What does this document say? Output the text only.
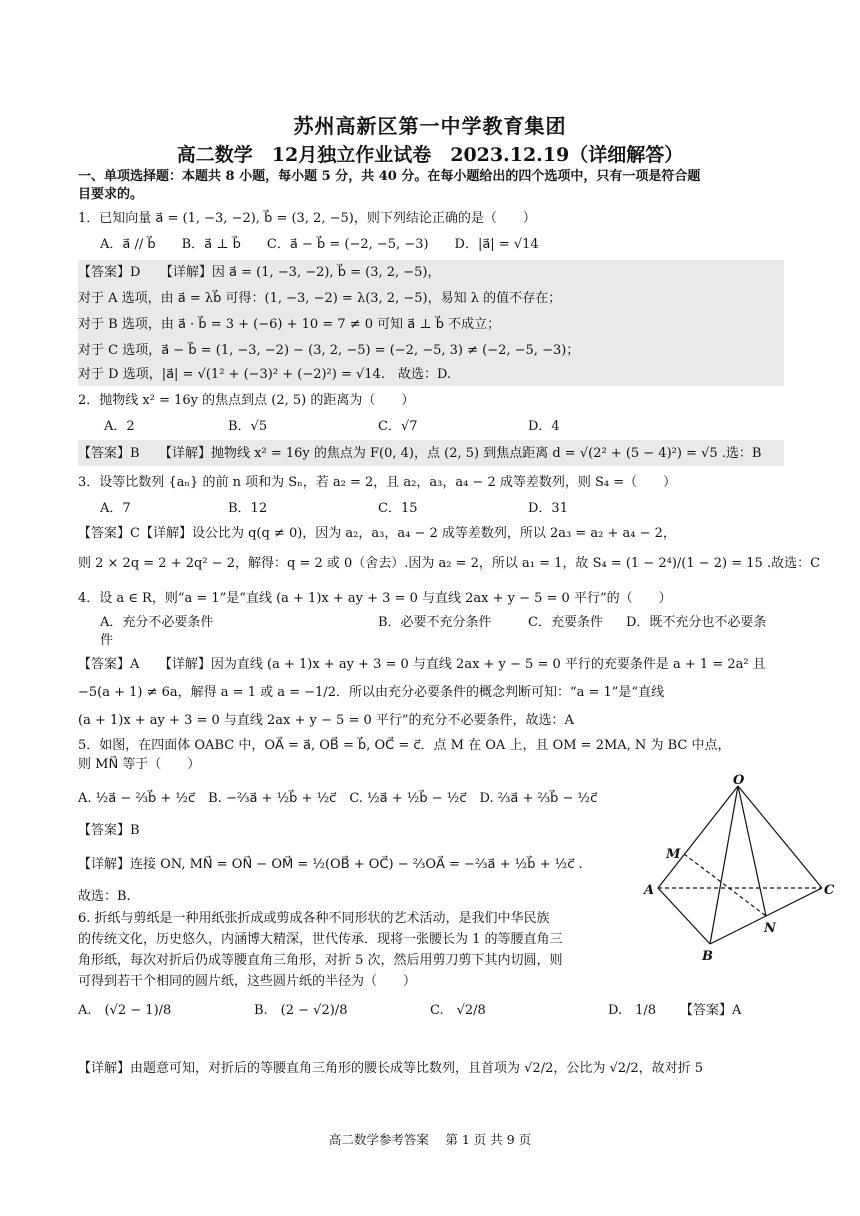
苏州高新区第一中学教育集团
高二数学　12月独立作业试卷　2023.12.19（详细解答）
一、单项选择题：本题共 8 小题，每小题 5 分，共 40 分。在每小题给出的四个选项中，只有一项是符合题
目要求的。
1．已知向量 a⃗ = (1, −3, −2), b⃗ = (3, 2, −5)，则下列结论正确的是（　　）
A．a⃗ // b⃗　　B．a⃗ ⊥ b⃗　　C．a⃗ − b⃗ = (−2, −5, −3)　　D．|a⃗| = √14
【答案】D　　【详解】因 a⃗ = (1, −3, −2), b⃗ = (3, 2, −5)，
对于 A 选项，由 a⃗ = λb⃗ 可得：(1, −3, −2) = λ(3, 2, −5)，易知 λ 的值不存在；
对于 B 选项，由 a⃗ · b⃗ = 3 + (−6) + 10 = 7 ≠ 0 可知 a⃗ ⊥ b⃗ 不成立；
对于 C 选项，a⃗ − b⃗ = (1, −3, −2) − (3, 2, −5) = (−2, −5, 3) ≠ (−2, −5, −3)；
对于 D 选项，|a⃗| = √(1² + (−3)² + (−2)²) = √14.　故选：D.
2．抛物线 x² = 16y 的焦点到点 (2, 5) 的距离为（　　）
A．2	B．√5	C．√7	D．4
【答案】B　　【详解】抛物线 x² = 16y 的焦点为 F(0, 4)，点 (2, 5) 到焦点距离 d = √(2² + (5 − 4)²) = √5 .选：B
3．设等比数列 {aₙ} 的前 n 项和为 Sₙ，若 a₂ = 2，且 a₂，a₃，a₄ − 2 成等差数列，则 S₄ =（　　）
A．7	B．12	C．15	D．31
【答案】C【详解】设公比为 q(q ≠ 0)，因为 a₂，a₃，a₄ − 2 成等差数列，所以 2a₃ = a₂ + a₄ − 2，
则 2 × 2q = 2 + 2q² − 2，解得：q = 2 或 0（舍去）.因为 a₂ = 2，所以 a₁ = 1，故 S₄ = (1 − 2⁴)/(1 − 2) = 15 .故选：C
4．设 a ∈ R，则“a = 1”是“直线 (a + 1)x + ay + 3 = 0 与直线 2ax + y − 5 = 0 平行”的（　　）
A．充分不必要条件	B．必要不充分条件	C．充要条件 D．既不充分也不必要条
件
【答案】A　　【详解】因为直线 (a + 1)x + ay + 3 = 0 与直线 2ax + y − 5 = 0 平行的充要条件是 a + 1 = 2a² 且
−5(a + 1) ≠ 6a，解得 a = 1 或 a = −1/2．所以由充分必要条件的概念判断可知：“a = 1”是“直线
(a + 1)x + ay + 3 = 0 与直线 2ax + y − 5 = 0 平行”的充分不必要条件，故选：A
5．如图，在四面体 OABC 中，OA⃗ = a⃗, OB⃗ = b⃗, OC⃗ = c⃗．点 M 在 OA 上，且 OM = 2MA, N 为 BC 中点，
则 MN⃗ 等于（　　）
A. ½a⃗ − ⅔b⃗ + ½c⃗　B. −⅔a⃗ + ½b⃗ + ½c⃗　C. ½a⃗ + ½b⃗ − ½c⃗　D. ⅔a⃗ + ⅔b⃗ − ½c⃗
【答案】B
【详解】连接 ON, MN⃗ = ON⃗ − OM⃗ = ½(OB⃗ + OC⃗) − ⅔OA⃗ = −⅔a⃗ + ½b⃗ + ½c⃗ .
故选：B.
O
M
A	C
N
B
6. 折纸与剪纸是一种用纸张折成或剪成各种不同形状的艺术活动，是我们中华民族
的传统文化，历史悠久，内涵博大精深，世代传承．现将一张腰长为 1 的等腰直角三
角形纸，每次对折后仍成等腰直角三角形，对折 5 次，然后用剪刀剪下其内切圆，则
可得到若干个相同的圆片纸，这些圆片纸的半径为（　　）
A.　(√2 − 1)/8	B.　(2 − √2)/8	C.　√2/8	D.　1/8 【答案】A
【详解】由题意可知，对折后的等腰直角三角形的腰长成等比数列，且首项为 √2/2，公比为 √2/2，故对折 5
高二数学参考答案　 第 1 页 共 9 页
